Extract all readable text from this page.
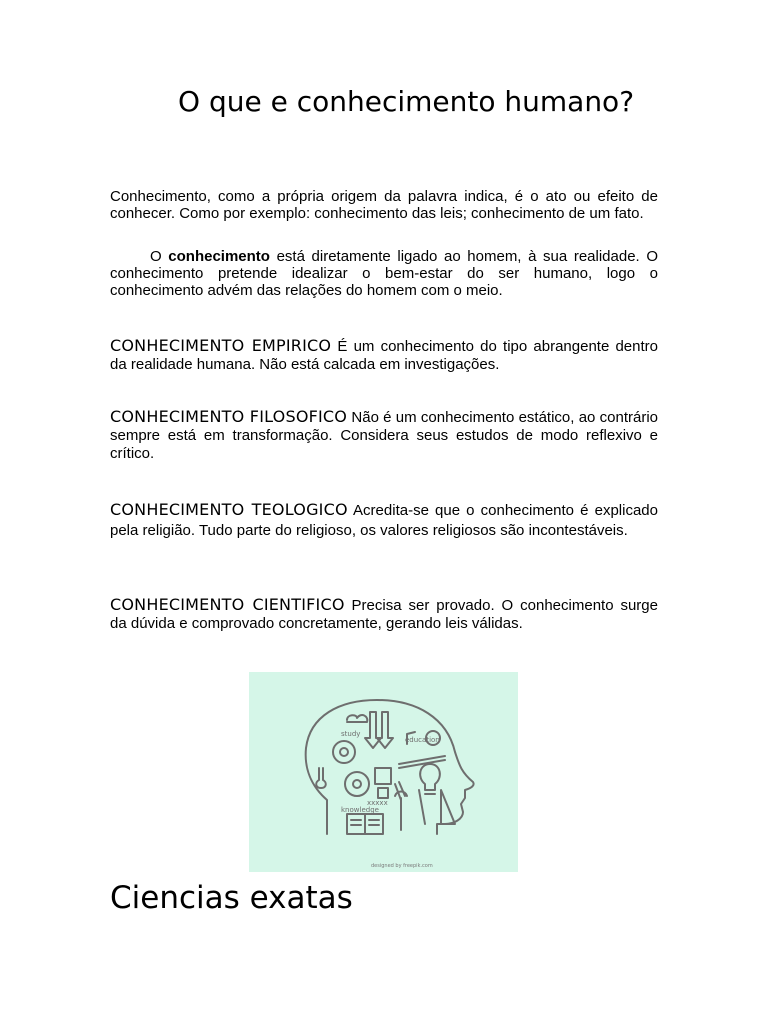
O que e conhecimento humano?

Conhecimento, como a própria origem da palavra indica, é o ato ou efeito de conhecer. Como por exemplo: conhecimento das leis; conhecimento de um fato.

O conhecimento está diretamente ligado ao homem, à sua realidade. O conhecimento pretende idealizar o bem-estar do ser humano, logo o conhecimento advém das relações do homem com o meio.

CONHECIMENTO EMPIRICO É um conhecimento do tipo abrangente dentro da realidade humana. Não está calcada em investigações.

CONHECIMENTO FILOSOFICO Não é um conhecimento estático, ao contrário sempre está em transformação. Considera seus estudos de modo reflexivo e crítico.

CONHECIMENTO TEOLOGICO Acredita-se que o conhecimento é explicado pela religião. Tudo parte do religioso, os valores religiosos são incontestáveis.

CONHECIMENTO CIENTIFICO Precisa ser provado. O conhecimento surge da dúvida e comprovado concretamente, gerando leis válidas.

study
education
xxxxx
knowledge
designed by freepik.com
Ciencias exatas
